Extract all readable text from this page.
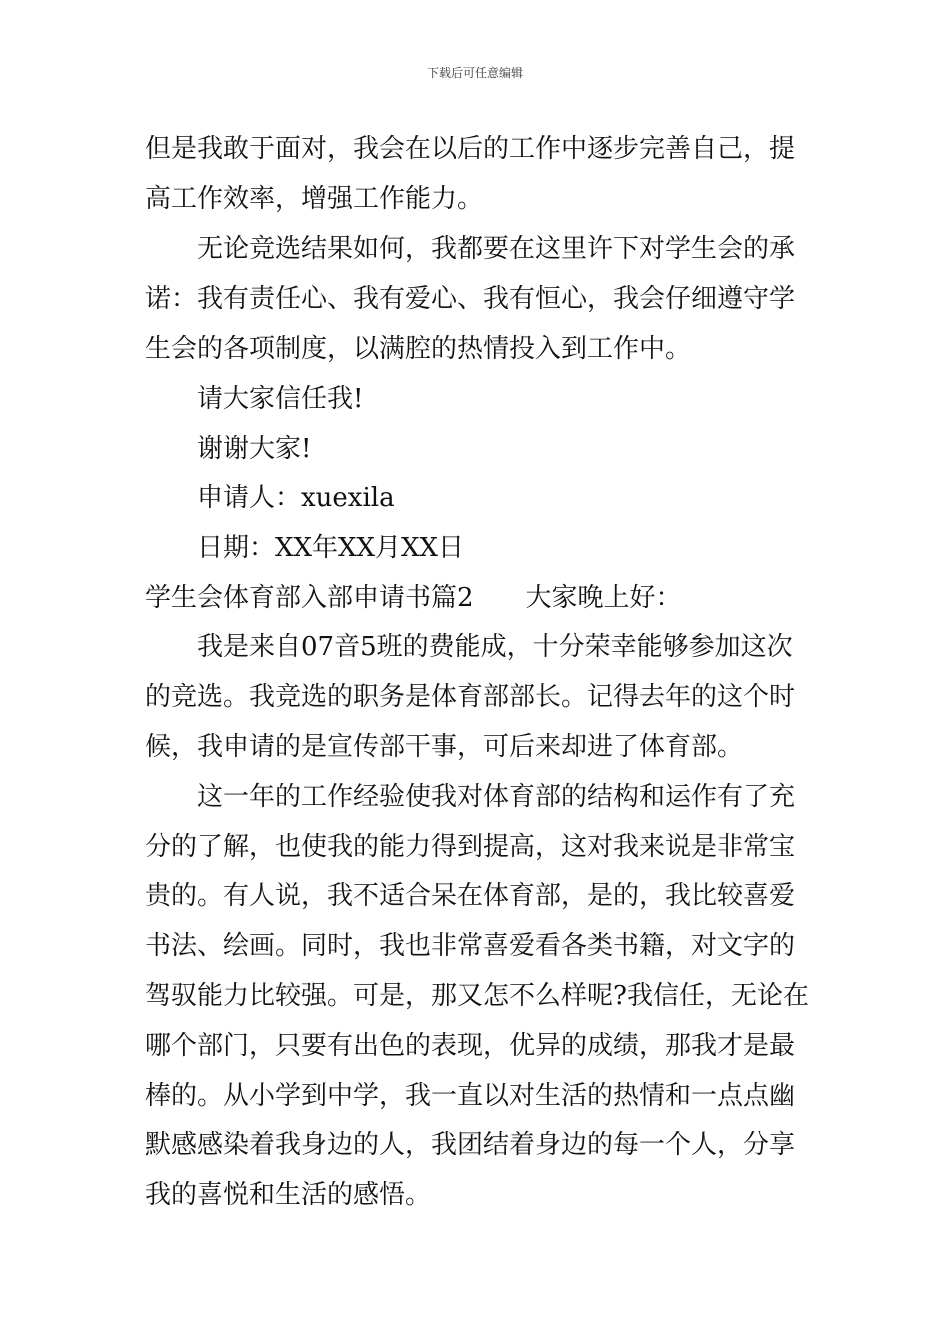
下载后可任意编辑
但是我敢于面对，我会在以后的工作中逐步完善自己，提
高工作效率，增强工作能力。
无论竞选结果如何，我都要在这里许下对学生会的承
诺：我有责任心、我有爱心、我有恒心，我会仔细遵守学
生会的各项制度，以满腔的热情投入到工作中。
请大家信任我!
谢谢大家!
申请人：xuexila
日期：XX年XX月XX日
学生会体育部入部申请书篇2　　大家晚上好：
我是来自07音5班的费能成，十分荣幸能够参加这次
的竞选。我竞选的职务是体育部部长。记得去年的这个时
候，我申请的是宣传部干事，可后来却进了体育部。
这一年的工作经验使我对体育部的结构和运作有了充
分的了解，也使我的能力得到提高，这对我来说是非常宝
贵的。有人说，我不适合呆在体育部，是的，我比较喜爱
书法、绘画。同时，我也非常喜爱看各类书籍，对文字的
驾驭能力比较强。可是，那又怎不么样呢?我信任，无论在
哪个部门，只要有出色的表现，优异的成绩，那我才是最
棒的。从小学到中学，我一直以对生活的热情和一点点幽
默感感染着我身边的人，我团结着身边的每一个人，分享
我的喜悦和生活的感悟。
